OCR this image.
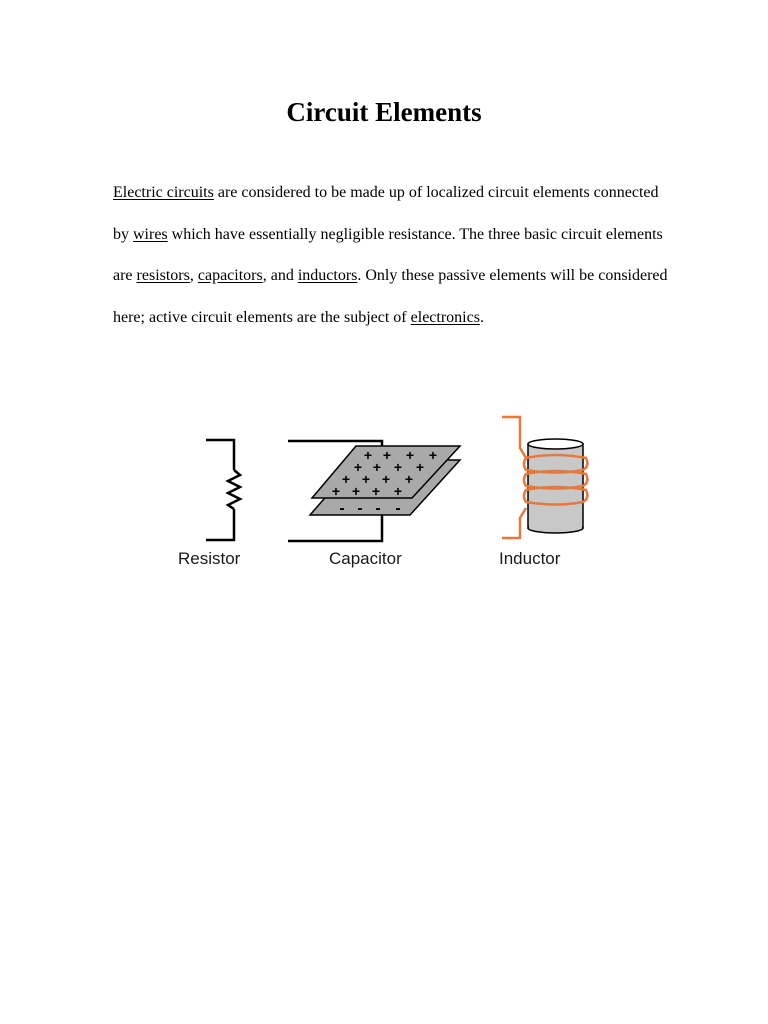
Circuit Elements

Electric circuits are considered to be made up of localized circuit elements connected by wires which have essentially negligible resistance. The three basic circuit elements are resistors, capacitors, and inductors. Only these passive elements will be considered here; active circuit elements are the subject of electronics.

+ + + +
+ + + +
+ + + +
+ + + +
- - - -
Resistor	Capacitor	Inductor
